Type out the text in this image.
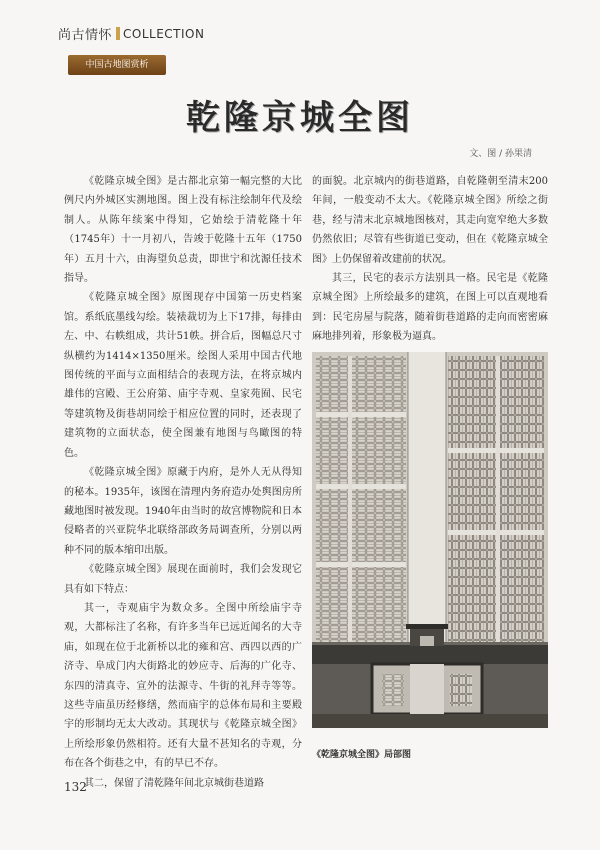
尚古情怀 COLLECTION
中国古地图赏析
乾隆京城全图
文、图 / 孙果清

《乾隆京城全图》是古都北京第一幅完整的大比例尺内外城区实测地图。图上没有标注绘制年代及绘制人。从陈年续案中得知，它始绘于清乾隆十年（1745年）十一月初八，告竣于乾隆十五年（1750年）五月十六，由海望负总责，即世宁和沈源任技术指导。

《乾隆京城全图》原图现存中国第一历史档案馆。系纸底墨线勾绘。装裱裁切为上下17排，每排由左、中、右帙组成，共计51帙。拼合后，图幅总尺寸纵横约为1414×1350厘米。绘图人采用中国古代地图传统的平面与立面相结合的表现方法，在将京城内雄伟的宫殿、王公府第、庙宇寺观、皇家苑囿、民宅等建筑物及街巷胡同绘于相应位置的同时，还表现了建筑物的立面状态，使全图兼有地图与鸟瞰图的特色。

《乾隆京城全图》原藏于内府，是外人无从得知的秘本。1935年，该图在清理内务府造办处舆图房所藏地图时被发现。1940年由当时的故宫博物院和日本侵略者的兴亚院华北联络部政务局调查所，分别以两种不同的版本缩印出版。

《乾隆京城全图》展现在面前时，我们会发现它具有如下特点：

其一，寺观庙宇为数众多。全图中所绘庙宇寺观，大都标注了名称，有许多当年已远近闻名的大寺庙，如现在位于北新桥以北的雍和宫、西四以西的广济寺、阜成门内大街路北的妙应寺、后海的广化寺、东四的清真寺、宣外的法源寺、牛街的礼拜寺等等。这些寺庙虽历经修缮，然而庙宇的总体布局和主要殿宇的形制均无太大改动。其现状与《乾隆京城全图》上所绘形象仍然相符。还有大量不甚知名的寺观，分布在各个街巷之中，有的早已不存。

其二，保留了清乾隆年间北京城街巷道路

的面貌。北京城内的街巷道路，自乾隆朝至清末200年间，一般变动不太大。《乾隆京城全图》所绘之街巷，经与清末北京城地图核对，其走向宽窄绝大多数仍然依旧；尽管有些街道已变动，但在《乾隆京城全图》上仍保留着改建前的状况。

其三，民宅的表示方法别具一格。民宅是《乾隆京城全图》上所绘最多的建筑，在图上可以直观地看到：民宅房屋与院落，随着街巷道路的走向而密密麻麻地排列着，形象极为逼真。

《乾隆京城全图》局部图
132
